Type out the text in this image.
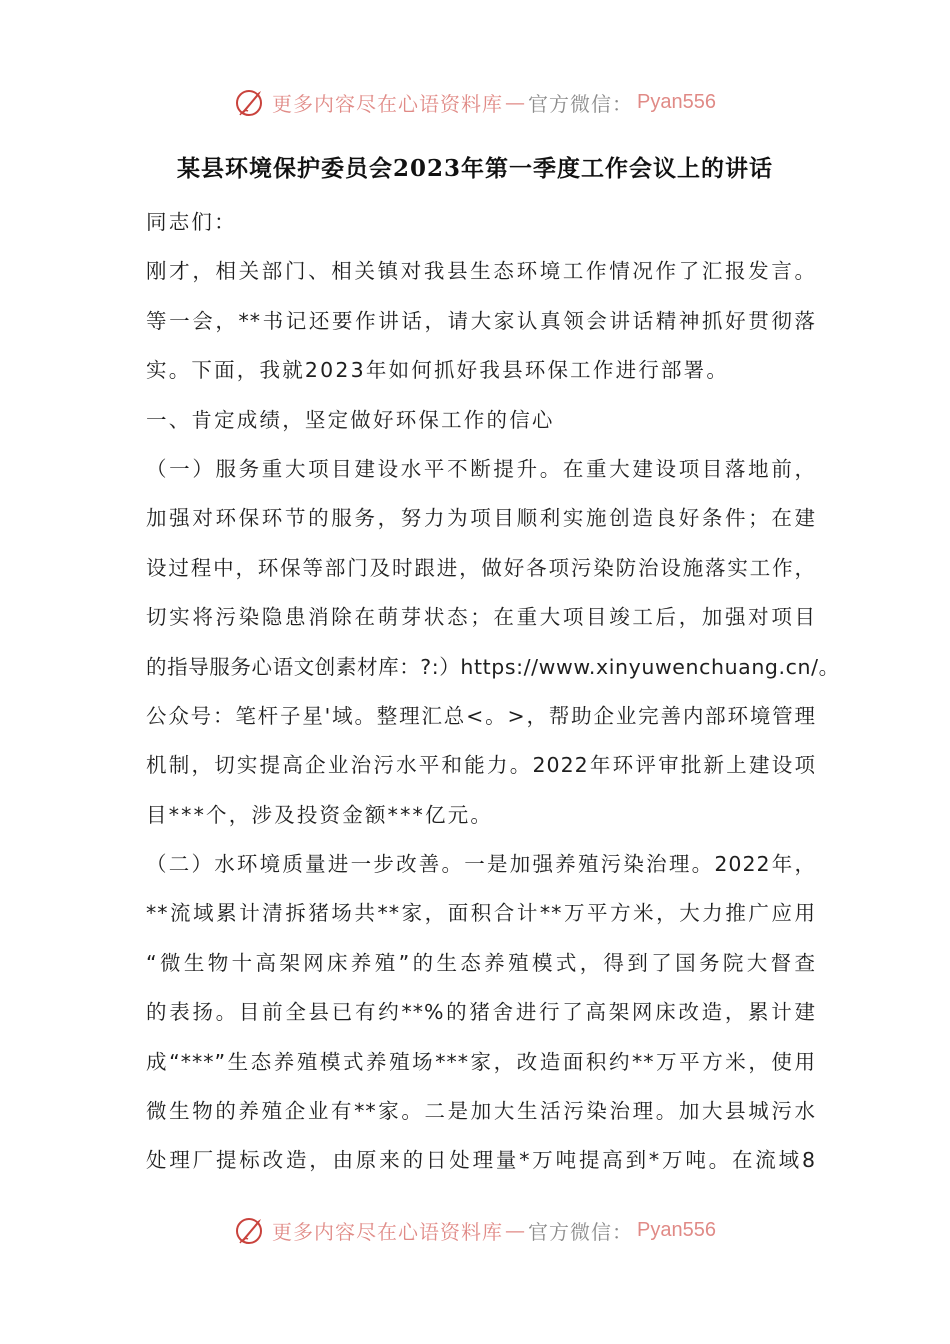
更多内容尽在心语资料库 — 官方微信： Pyan556
某县环境保护委员会2023年第一季度工作会议上的讲话
同志们：
刚才，相关部门、相关镇对我县生态环境工作情况作了汇报发言。
等一会，**书记还要作讲话，请大家认真领会讲话精神抓好贯彻落
实。下面，我就2023年如何抓好我县环保工作进行部署。
一、肯定成绩，坚定做好环保工作的信心
（一）服务重大项目建设水平不断提升。在重大建设项目落地前，
加强对环保环节的服务，努力为项目顺利实施创造良好条件；在建
设过程中，环保等部门及时跟进，做好各项污染防治设施落实工作，
切实将污染隐患消除在萌芽状态；在重大项目竣工后，加强对项目
的指导服务心语文创素材库：?:）https://www.xinyuwenchuang.cn/。
公众号：笔杆子星'域。整理汇总<。>，帮助企业完善内部环境管理
机制，切实提高企业治污水平和能力。2022年环评审批新上建设项
目***个，涉及投资金额***亿元。
（二）水环境质量进一步改善。一是加强养殖污染治理。2022年，
**流域累计清拆猪场共**家，面积合计**万平方米，大力推广应用
“微生物十高架网床养殖”的生态养殖模式，得到了国务院大督查
的表扬。目前全县已有约**%的猪舍进行了高架网床改造，累计建
成“***”生态养殖模式养殖场***家，改造面积约**万平方米，使用
微生物的养殖企业有**家。二是加大生活污染治理。加大县城污水
处理厂提标改造，由原来的日处理量*万吨提高到*万吨。在流域8
更多内容尽在心语资料库 — 官方微信： Pyan556
